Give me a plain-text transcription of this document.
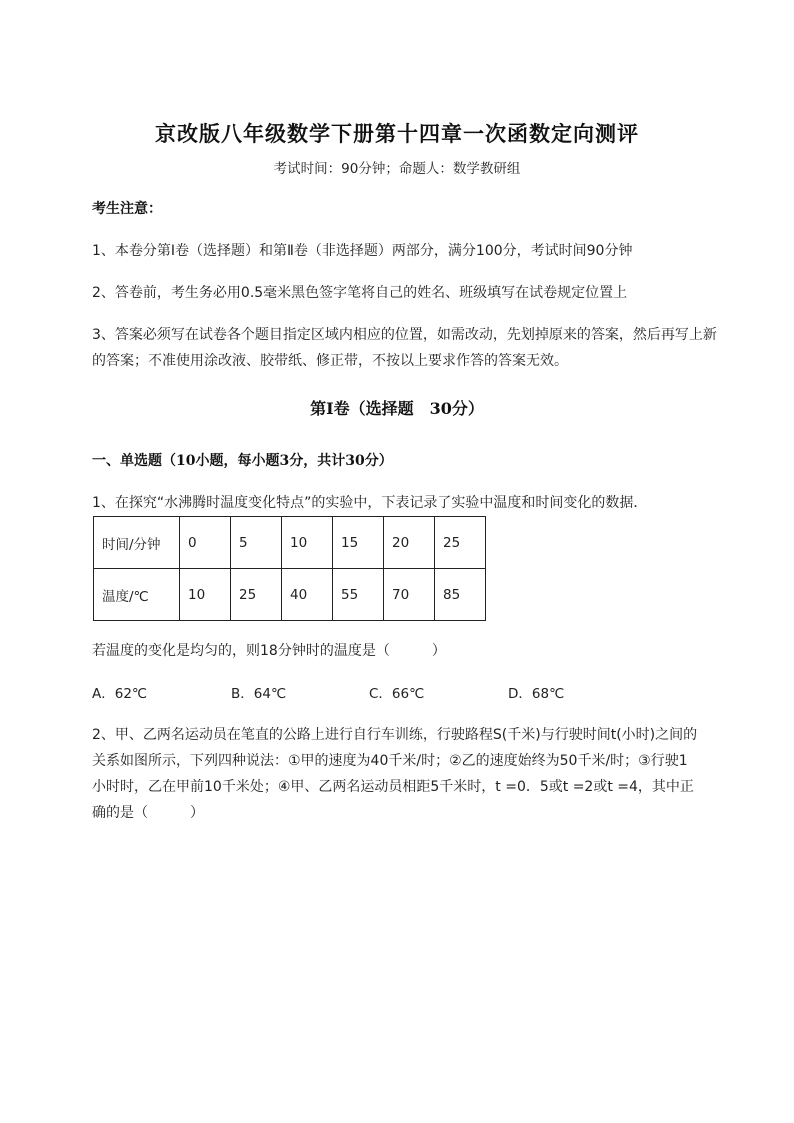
京改版八年级数学下册第十四章一次函数定向测评
考试时间：90分钟；命题人：数学教研组
考生注意：
1、本卷分第I卷（选择题）和第Ⅱ卷（非选择题）两部分，满分100分，考试时间90分钟
2、答卷前，考生务必用0.5毫米黑色签字笔将自己的姓名、班级填写在试卷规定位置上
3、答案必须写在试卷各个题目指定区域内相应的位置，如需改动，先划掉原来的答案，然后再写上新
的答案；不准使用涂改液、胶带纸、修正带，不按以上要求作答的答案无效。
第I卷（选择题　30分）
一、单选题（10小题，每小题3分，共计30分）
1、在探究“水沸腾时温度变化特点”的实验中，下表记录了实验中温度和时间变化的数据．
时间/分钟	0	5	10	15	20	25
温度/℃	10	25	40	55	70	85
若温度的变化是均匀的，则18分钟时的温度是（　　　）
A．62℃	B．64℃	C．66℃	D．68℃
2、甲、乙两名运动员在笔直的公路上进行自行车训练，行驶路程S(千米)与行驶时间t(小时)之间的
关系如图所示，下列四种说法：①甲的速度为40千米/时；②乙的速度始终为50千米/时；③行驶1
小时时，乙在甲前10千米处；④甲、乙两名运动员相距5千米时，t =0．5或t =2或t =4，其中正
确的是（　　　）
